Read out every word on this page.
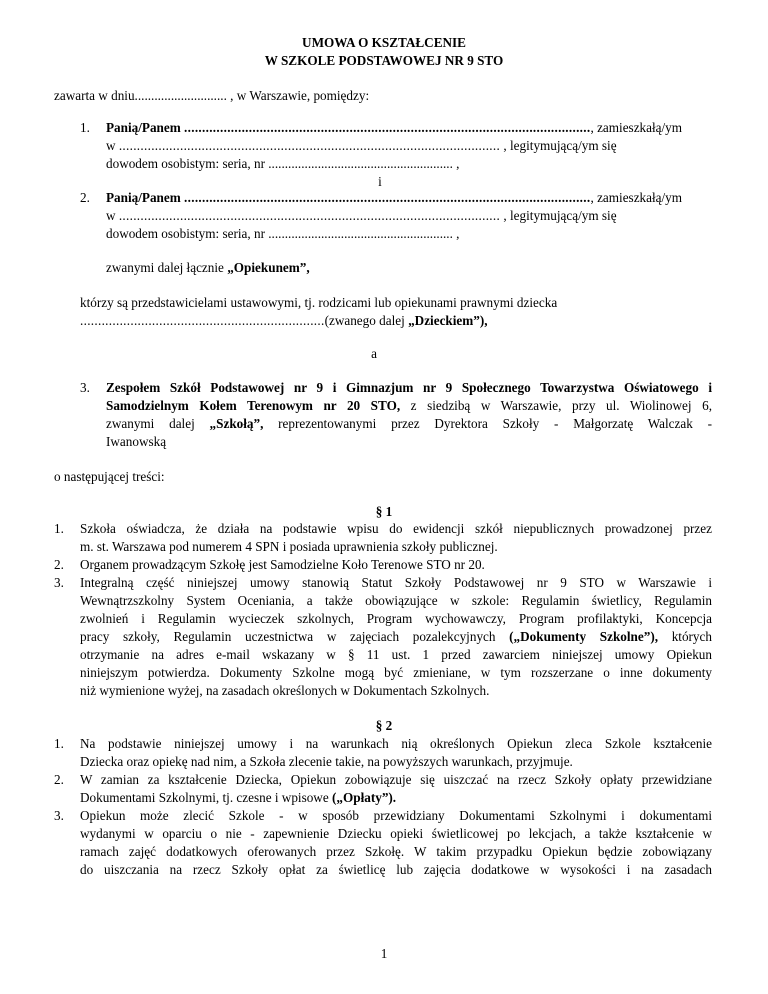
UMOWA O KSZTAŁCENIE
W SZKOLE PODSTAWOWEJ NR 9 STO
zawarta w dniu............................ , w Warszawie, pomiędzy:
1. Panią/Panem ................................................................................................................., zamieszkałą/ym
w .......................................................................................................... , legitymującą/ym się
dowodem osobistym: seria, nr ........................................................ ,
i
2. Panią/Panem ................................................................................................................., zamieszkałą/ym
w .......................................................................................................... , legitymującą/ym się
dowodem osobistym: seria, nr ........................................................ ,
zwanymi dalej łącznie „Opiekunem”,
którzy są przedstawicielami ustawowymi, tj. rodzicami lub opiekunami prawnymi dziecka
....................................................................(zwanego dalej „Dzieckiem”),
a
3. Zespołem Szkół Podstawowej nr 9 i Gimnazjum nr 9 Społecznego Towarzystwa Oświatowego i
Samodzielnym Kołem Terenowym nr 20 STO, z siedzibą w Warszawie, przy ul. Wiolinowej 6,
zwanymi dalej „Szkołą”, reprezentowanymi przez Dyrektora Szkoły - Małgorzatę Walczak -
Iwanowską
o następującej treści:
§ 1
1. Szkoła oświadcza, że działa na podstawie wpisu do ewidencji szkół niepublicznych prowadzonej przez
m. st. Warszawa pod numerem 4 SPN i posiada uprawnienia szkoły publicznej.
2. Organem prowadzącym Szkołę jest Samodzielne Koło Terenowe STO nr 20.
3. Integralną część niniejszej umowy stanowią Statut Szkoły Podstawowej nr 9 STO w Warszawie i
Wewnątrzszkolny System Oceniania, a także obowiązujące w szkole: Regulamin świetlicy, Regulamin
zwolnień i Regulamin wycieczek szkolnych, Program wychowawczy, Program profilaktyki, Koncepcja
pracy szkoły, Regulamin uczestnictwa w zajęciach pozalekcyjnych („Dokumenty Szkolne”), których
otrzymanie na adres e-mail wskazany w § 11 ust. 1 przed zawarciem niniejszej umowy Opiekun
niniejszym potwierdza. Dokumenty Szkolne mogą być zmieniane, w tym rozszerzane o inne dokumenty
niż wymienione wyżej, na zasadach określonych w Dokumentach Szkolnych.
§ 2
1. Na podstawie niniejszej umowy i na warunkach nią określonych Opiekun zleca Szkole kształcenie
Dziecka oraz opiekę nad nim, a Szkoła zlecenie takie, na powyższych warunkach, przyjmuje.
2. W zamian za kształcenie Dziecka, Opiekun zobowiązuje się uiszczać na rzecz Szkoły opłaty przewidziane
Dokumentami Szkolnymi, tj. czesne i wpisowe („Opłaty”).
3. Opiekun może zlecić Szkole - w sposób przewidziany Dokumentami Szkolnymi i dokumentami
wydanymi w oparciu o nie - zapewnienie Dziecku opieki świetlicowej po lekcjach, a także kształcenie w
ramach zajęć dodatkowych oferowanych przez Szkołę. W takim przypadku Opiekun będzie zobowiązany
do uiszczania na rzecz Szkoły opłat za świetlicę lub zajęcia dodatkowe w wysokości i na zasadach
1
